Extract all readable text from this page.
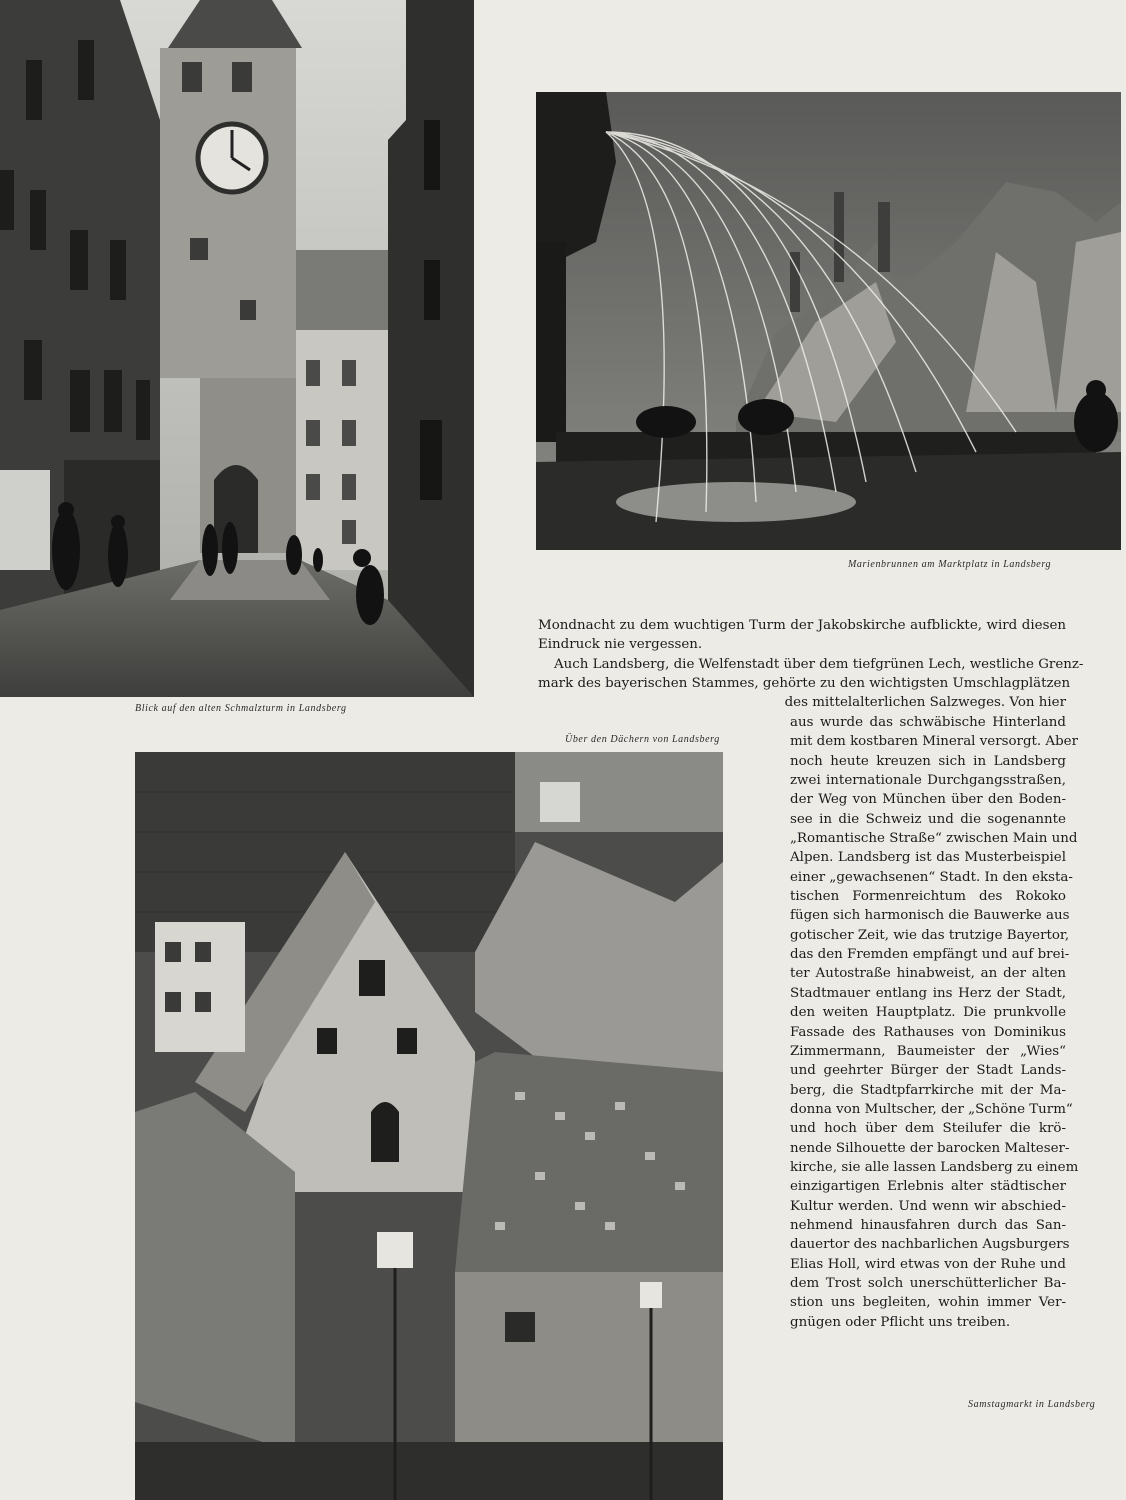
Blick auf den alten Schmalzturm in Landsberg
Marienbrunnen am Marktplatz in Landsberg
Über den Dächern von Landsberg
Samstagmarkt in Landsberg
Mondnacht zu dem wuchtigen Turm der Jakobskirche aufblickte, wird diesen
Eindruck nie vergessen.
Auch Landsberg, die Welfenstadt über dem tiefgrünen Lech, westliche Grenz-
mark des bayerischen Stammes, gehörte zu den wichtigsten Umschlagplätzen
des mittelalterlichen Salzweges. Von hier
aus wurde das schwäbische Hinterland
mit dem kostbaren Mineral versorgt. Aber
noch heute kreuzen sich in Landsberg
zwei internationale Durchgangsstraßen,
der Weg von München über den Boden-
see in die Schweiz und die sogenannte
„Romantische Straße“ zwischen Main und
Alpen. Landsberg ist das Musterbeispiel
einer „gewachsenen“ Stadt. In den ekstа-
tischen Formenreichtum des Rokoko
fügen sich harmonisch die Bauwerke aus
gotischer Zeit, wie das trutzige Bayertor,
das den Fremden empfängt und auf brei-
ter Autostraße hinabweist, an der alten
Stadtmauer entlang ins Herz der Stadt,
den weiten Hauptplatz. Die prunkvolle
Fassade des Rathauses von Dominikus
Zimmermann, Baumeister der „Wies“
und geehrter Bürger der Stadt Lands-
berg, die Stadtpfarrkirche mit der Ma-
donna von Multscher, der „Schöne Turm“
und hoch über dem Steilufer die krö-
nende Silhouette der barocken Malteser-
kirche, sie alle lassen Landsberg zu einem
einzigartigen Erlebnis alter städtischer
Kultur werden. Und wenn wir abschied-
nehmend hinausfahren durch das San-
dauertor des nachbarlichen Augsburgers
Elias Holl, wird etwas von der Ruhe und
dem Trost solch unerschütterlicher Ba-
stion uns begleiten, wohin immer Ver-
gnügen oder Pflicht uns treiben.
